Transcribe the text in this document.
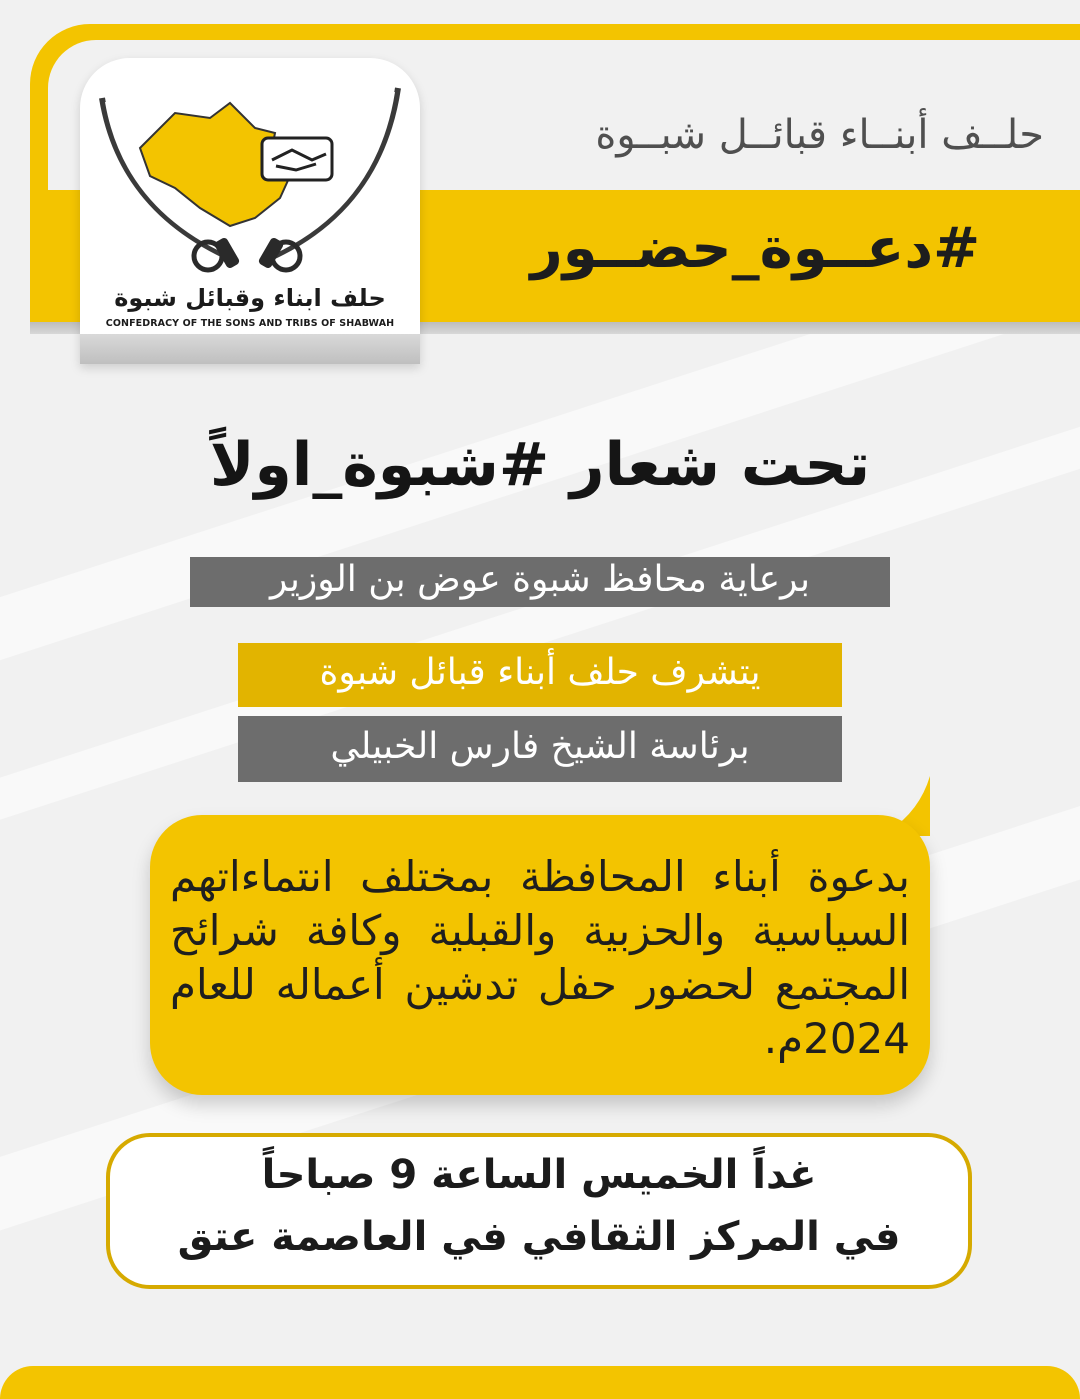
حلــف أبنــاء قبائــل شبــوة
#دعــوة_حضــور
حلف ابناء وقبائل شبوة
CONFEDRACY OF THE SONS AND TRIBS OF SHABWAH
تحت شعار #شبوة_اولاً
برعاية محافظ شبوة عوض بن الوزير
يتشرف حلف أبناء قبائل شبوة
برئاسة الشيخ فارس الخبيلي
بدعوة أبناء المحافظة بمختلف انتماءاتهم السياسية والحزبية والقبلية وكافة شرائح المجتمع لحضور حفل تدشين أعماله للعام 2024م.
غداً الخميس الساعة 9 صباحاً
في المركز الثقافي في العاصمة عتق
